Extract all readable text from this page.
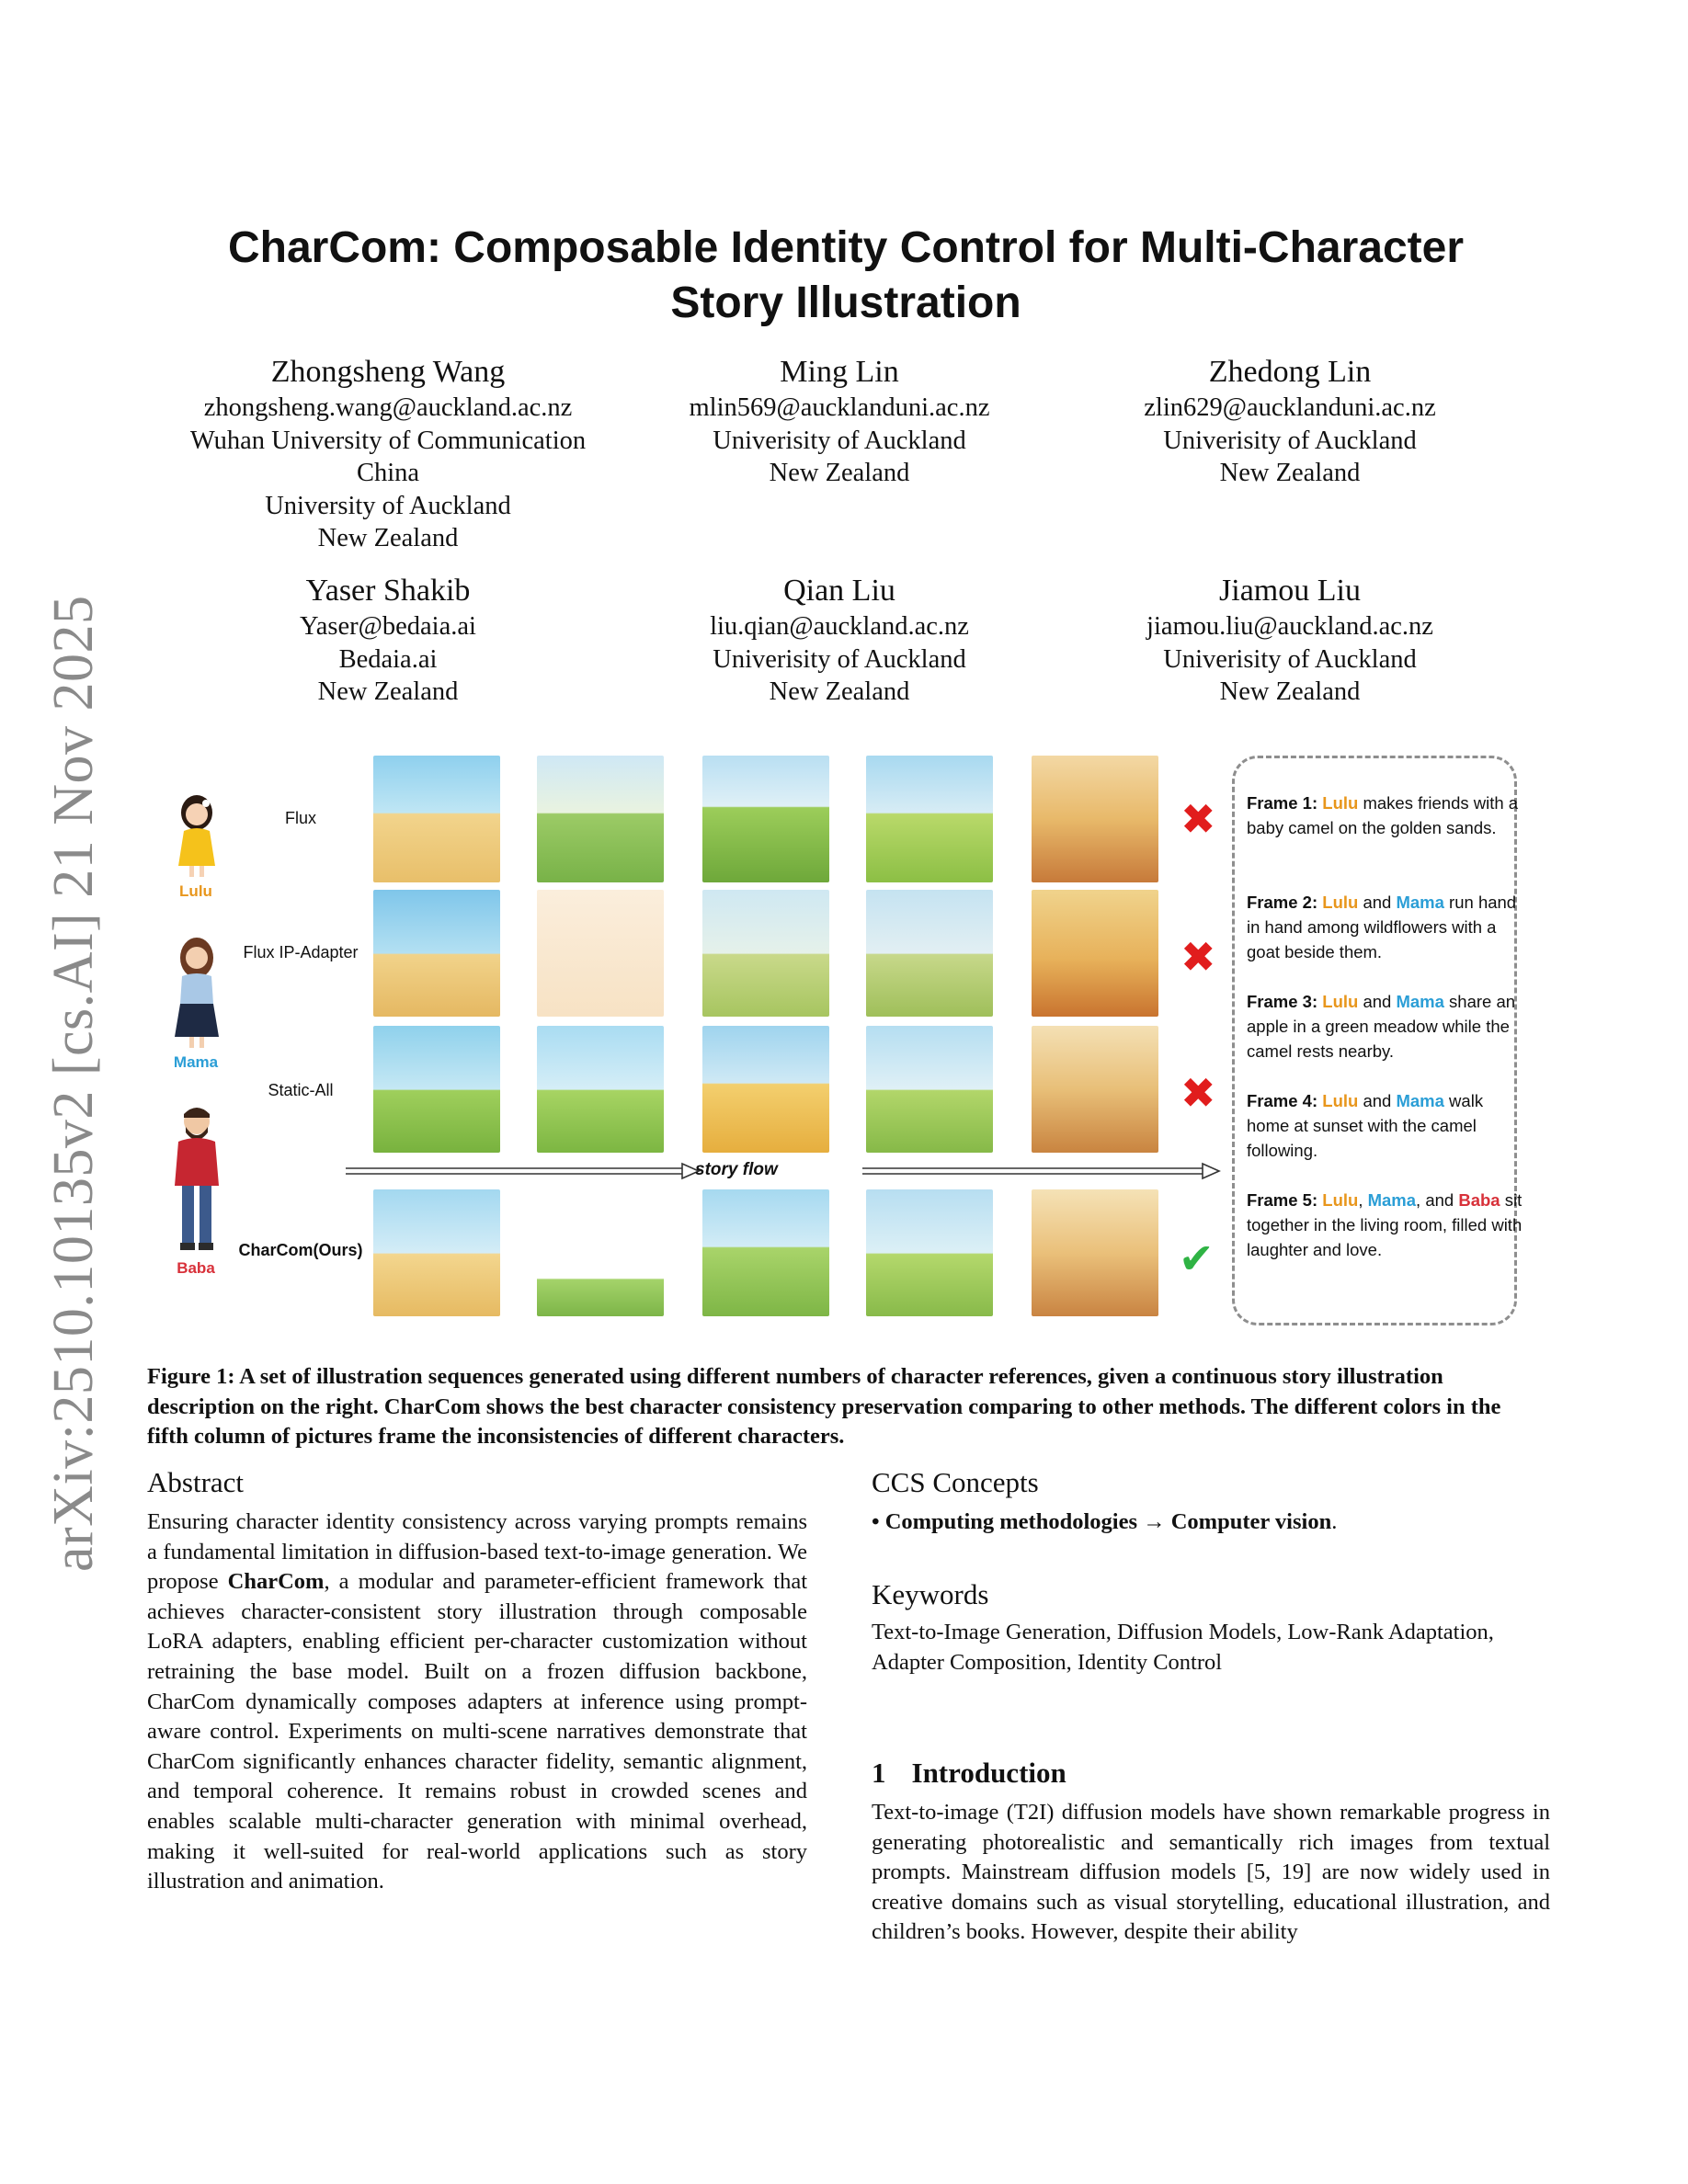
arXiv:2510.10135v2 [cs.AI] 21 Nov 2025
CharCom: Composable Identity Control for Multi-Character
Story Illustration
Zhongsheng Wang
zhongsheng.wang@auckland.ac.nz
Wuhan University of Communication
China
University of Auckland
New Zealand
Ming Lin
mlin569@aucklanduni.ac.nz
Univerisity of Auckland
New Zealand
Zhedong Lin
zlin629@aucklanduni.ac.nz
Univerisity of Auckland
New Zealand
Yaser Shakib
Yaser@bedaia.ai
Bedaia.ai
New Zealand
Qian Liu
liu.qian@auckland.ac.nz
Univerisity of Auckland
New Zealand
Jiamou Liu
jiamou.liu@auckland.ac.nz
Univerisity of Auckland
New Zealand
Lulu
Mama
Baba
Flux
Flux IP-Adapter
Static-All
CharCom(Ours)
story flow
✖
✖
✖
✔
Frame 1: Lulu makes friends with a baby camel on the golden sands.
Frame 2: Lulu and Mama run hand in hand among wildflowers with a goat beside them.
Frame 3: Lulu and Mama share an apple in a green meadow while the camel rests nearby.
Frame 4: Lulu and Mama walk home at sunset with the camel following.
Frame 5: Lulu, Mama, and Baba sit together in the living room, filled with laughter and love.
Figure 1: A set of illustration sequences generated using different numbers of character references, given a continuous story illustration description on the right. CharCom shows the best character consistency preservation comparing to other methods. The different colors in the fifth column of pictures frame the inconsistencies of different characters.
Abstract
Ensuring character identity consistency across varying prompts remains a fundamental limitation in diffusion-based text-to-image generation. We propose CharCom, a modular and parameter-efficient framework that achieves character-consistent story illustration through composable LoRA adapters, enabling efficient per-character customization without retraining the base model. Built on a frozen diffusion backbone, CharCom dynamically composes adapters at inference using prompt-aware control. Experiments on multi-scene narratives demonstrate that CharCom significantly enhances character fidelity, semantic alignment, and temporal coherence. It remains robust in crowded scenes and enables scalable multi-character generation with minimal overhead, making it well-suited for real-world applications such as story illustration and animation.
CCS Concepts
• Computing methodologies → Computer vision.
Keywords
Text-to-Image Generation, Diffusion Models, Low-Rank Adaptation, Adapter Composition, Identity Control
1 Introduction
Text-to-image (T2I) diffusion models have shown remarkable progress in generating photorealistic and semantically rich images from textual prompts. Mainstream diffusion models [5, 19] are now widely used in creative domains such as visual storytelling, educational illustration, and children’s books. However, despite their ability
